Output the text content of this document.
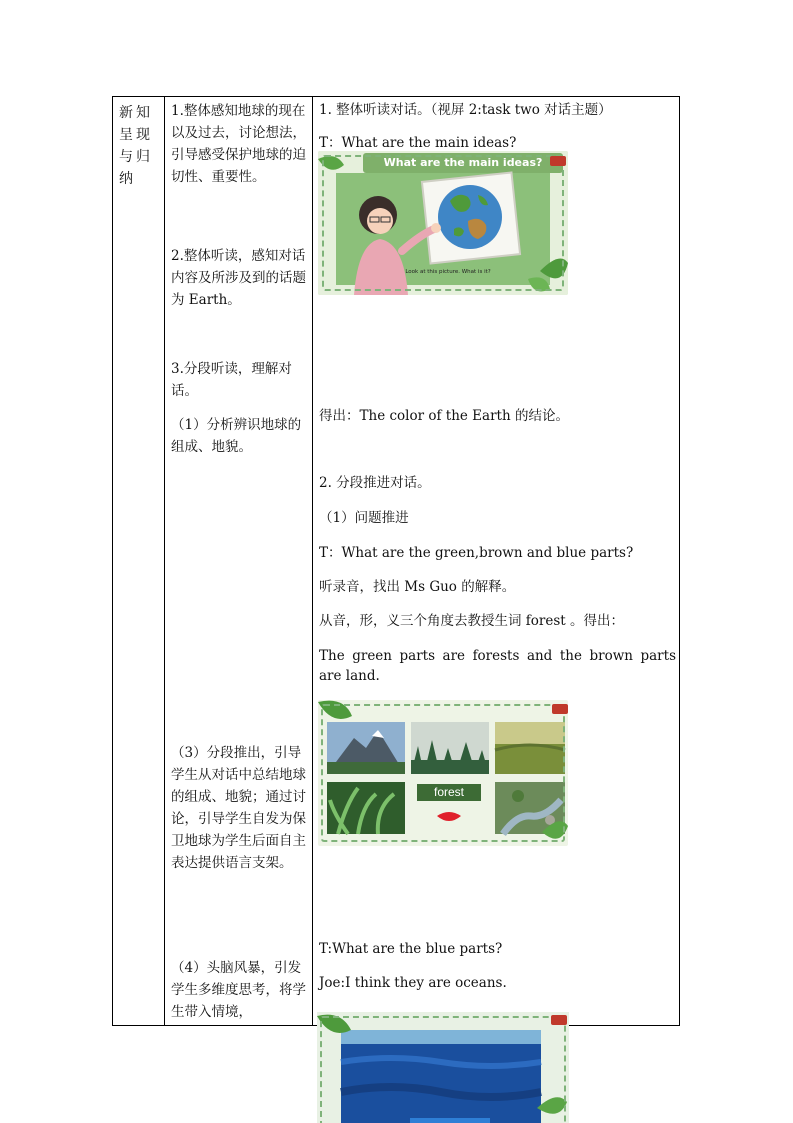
新知呈现与归纳
1.整体感知地球的现在以及过去，讨论想法，引导感受保护地球的迫切性、重要性。
2.整体听读，感知对话内容及所涉及到的话题为 Earth。
3.分段听读，理解对话。
（1）分析辨识地球的组成、地貌。
（3）分段推出，引导学生从对话中总结地球的组成、地貌；通过讨论，引导学生自发为保卫地球为学生后面自主表达提供语言支架。
（4）头脑风暴，引发学生多维度思考，将学生带入情境，
1. 整体听读对话。（视屏 2:task two 对话主题）
T：What are the main ideas?
What are the main ideas?
Look at this picture. What is it?
得出：The color of the Earth 的结论。
2. 分段推进对话。
（1）问题推进
T：What are the green,brown and blue parts?
听录音，找出 Ms Guo 的解释。
从音，形，义三个角度去教授生词 forest 。得出：
The green parts are forests and the brown parts are land.
forest
T:What are the blue parts?
Joe:I think they are oceans.
